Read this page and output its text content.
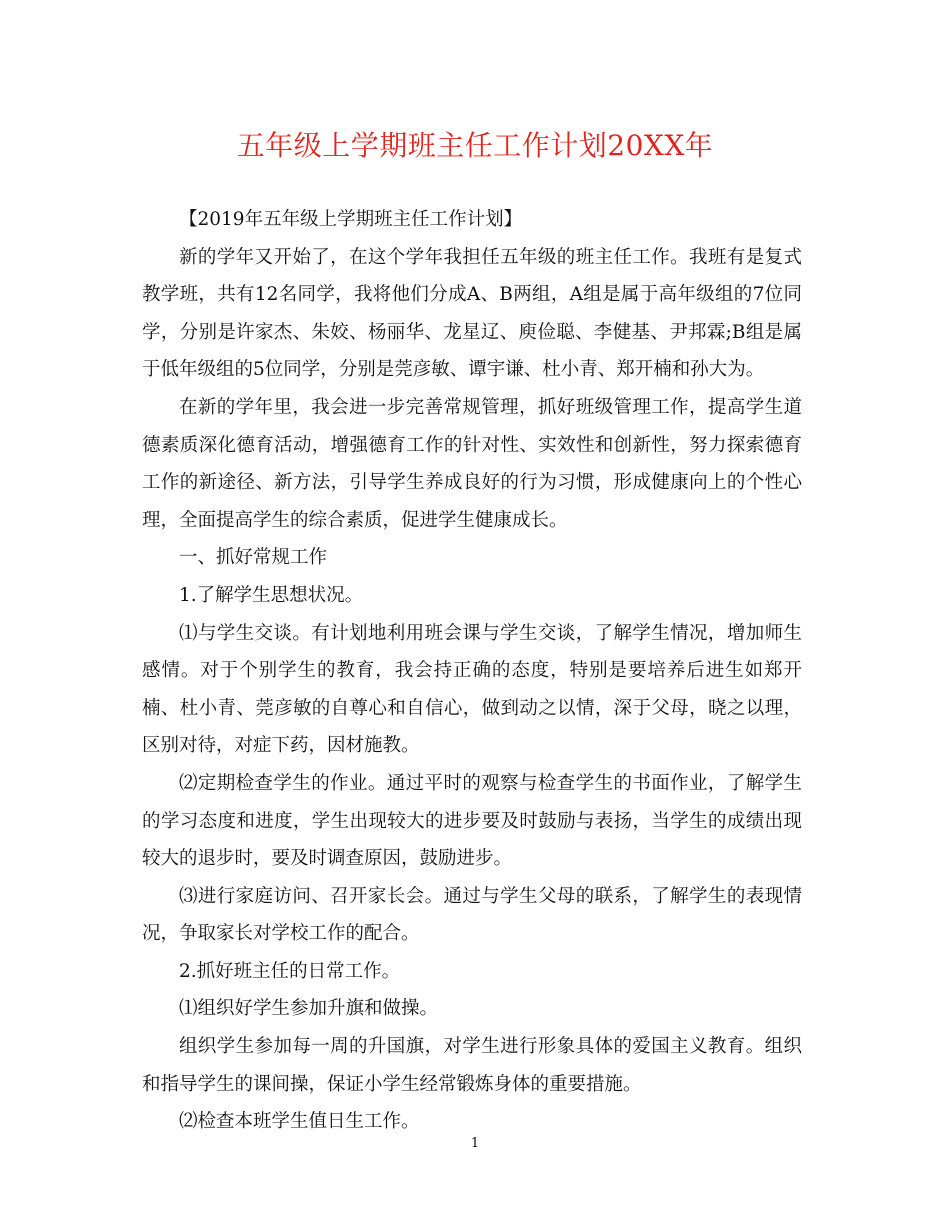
五年级上学期班主任工作计划20XX年

【2019年五年级上学期班主任工作计划】

新的学年又开始了，在这个学年我担任五年级的班主任工作。我班有是复式教学班，共有12名同学，我将他们分成A、B两组，A组是属于高年级组的7位同学，分别是许家杰、朱姣、杨丽华、龙星辽、庾俭聪、李健基、尹邦霖;B组是属于低年级组的5位同学，分别是莞彦敏、谭宇谦、杜小青、郑开楠和孙大为。

在新的学年里，我会进一步完善常规管理，抓好班级管理工作，提高学生道德素质深化德育活动，增强德育工作的针对性、实效性和创新性，努力探索德育工作的新途径、新方法，引导学生养成良好的行为习惯，形成健康向上的个性心理，全面提高学生的综合素质，促进学生健康成长。

一、抓好常规工作

1.了解学生思想状况。

⑴与学生交谈。有计划地利用班会课与学生交谈，了解学生情况，增加师生感情。对于个别学生的教育，我会持正确的态度，特别是要培养后进生如郑开楠、杜小青、莞彦敏的自尊心和自信心，做到动之以情，深于父母，晓之以理，区别对待，对症下药，因材施教。

⑵定期检查学生的作业。通过平时的观察与检查学生的书面作业，了解学生的学习态度和进度，学生出现较大的进步要及时鼓励与表扬，当学生的成绩出现较大的退步时，要及时调查原因，鼓励进步。

⑶进行家庭访问、召开家长会。通过与学生父母的联系，了解学生的表现情况，争取家长对学校工作的配合。

2.抓好班主任的日常工作。

⑴组织好学生参加升旗和做操。

组织学生参加每一周的升国旗，对学生进行形象具体的爱国主义教育。组织和指导学生的课间操，保证小学生经常锻炼身体的重要措施。

⑵检查本班学生值日生工作。

1
